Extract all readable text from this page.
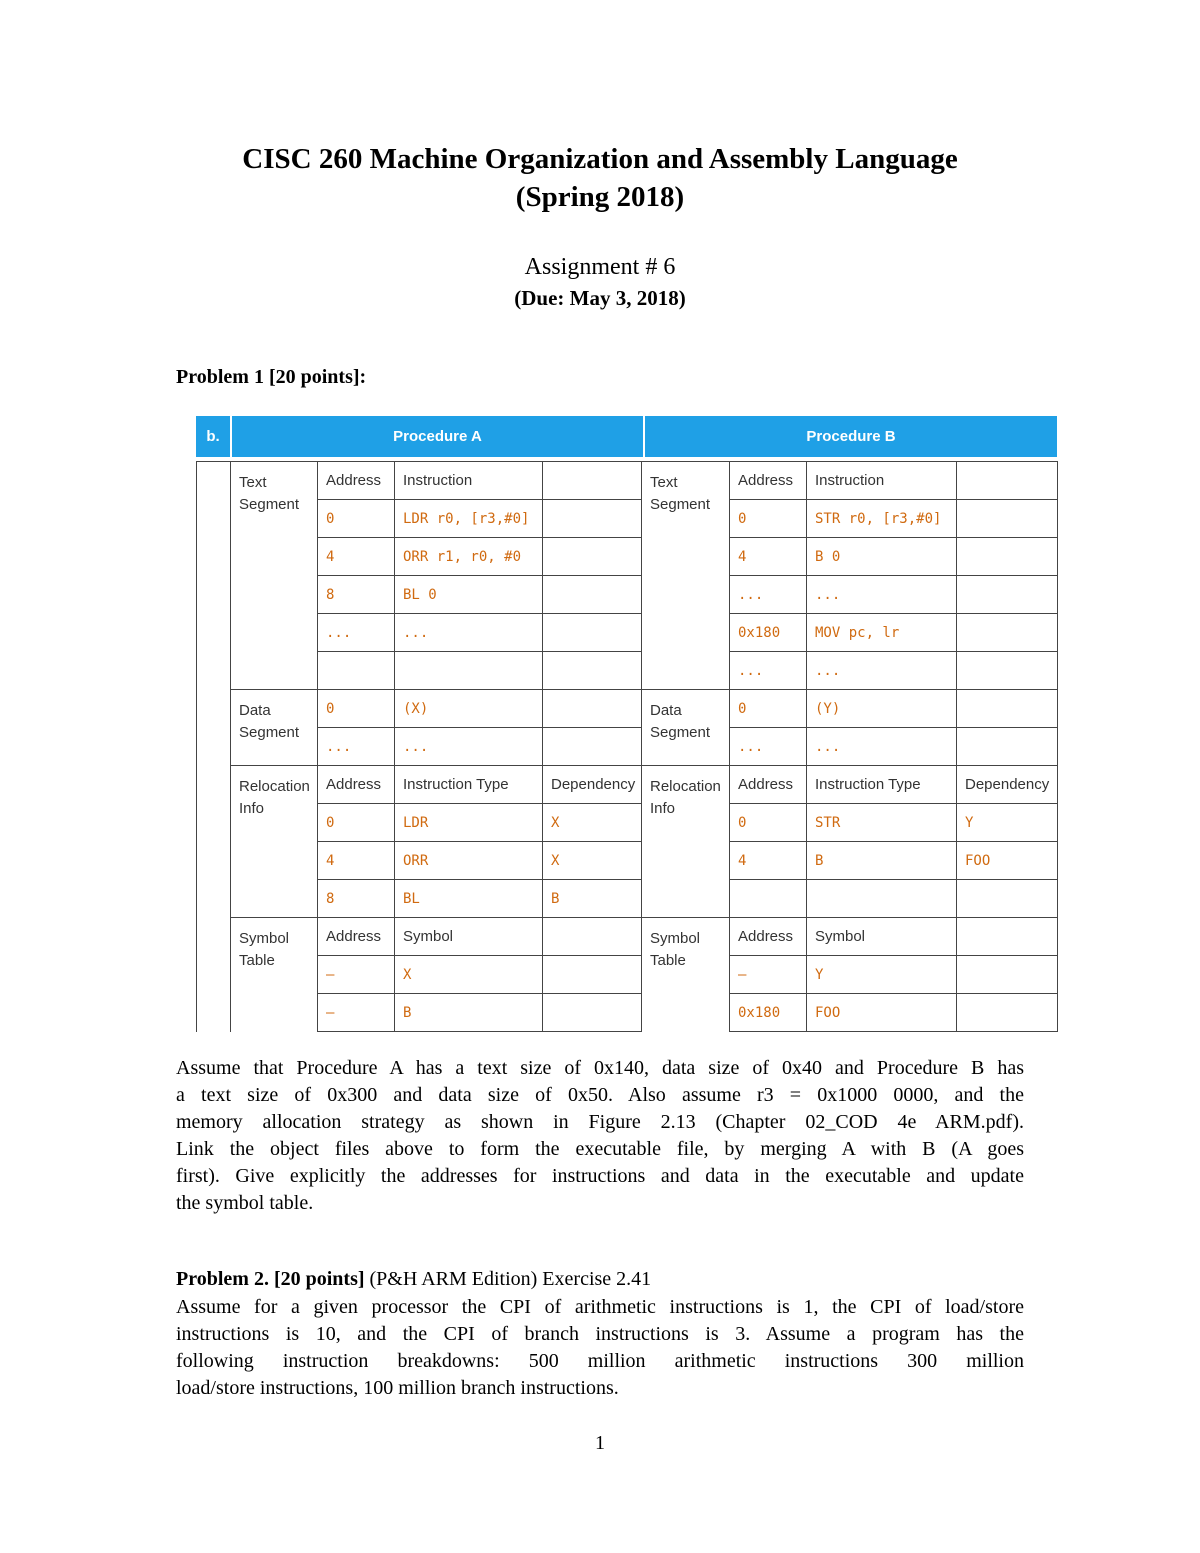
CISC 260 Machine Organization and Assembly Language
(Spring 2018)
Assignment # 6
(Due: May 3, 2018)
Problem 1 [20 points]:
b.	Procedure A	Procedure B
	Text Segment	Address	Instruction		Text Segment	Address	Instruction	
		0	LDR r0, [r3,#0]			0	STR r0, [r3,#0]	
		4	ORR r1, r0, #0			4	B 0	
		8	BL 0			...	...	
		...	...			0x180	MOV pc, lr	
						...	...	
	Data Segment	0	(X)		Data Segment	0	(Y)	
		...	...			...	...	
	Relocation Info	Address	Instruction Type	Dependency	Relocation Info	Address	Instruction Type	Dependency
		0	LDR	X		0	STR	Y
		4	ORR	X		4	B	FOO
		8	BL	B				
	Symbol Table	Address	Symbol		Symbol Table	Address	Symbol	
		–	X			–	Y	
		–	B			0x180	FOO	
Assume that Procedure A has a text size of 0x140, data size of 0x40 and Procedure B has
a text size of 0x300 and data size of 0x50. Also assume r3 = 0x1000 0000, and the
memory allocation strategy as shown in Figure 2.13 (Chapter 02_COD 4e ARM.pdf).
Link the object files above to form the executable file, by merging A with B (A goes
first). Give explicitly the addresses for instructions and data in the executable and update
the symbol table.
Problem 2. [20 points] (P&H ARM Edition) Exercise 2.41
Assume for a given processor the CPI of arithmetic instructions is 1, the CPI of load/store
instructions is 10, and the CPI of branch instructions is 3. Assume a program has the
following instruction breakdowns: 500 million arithmetic instructions 300 million
load/store instructions, 100 million branch instructions.
1
